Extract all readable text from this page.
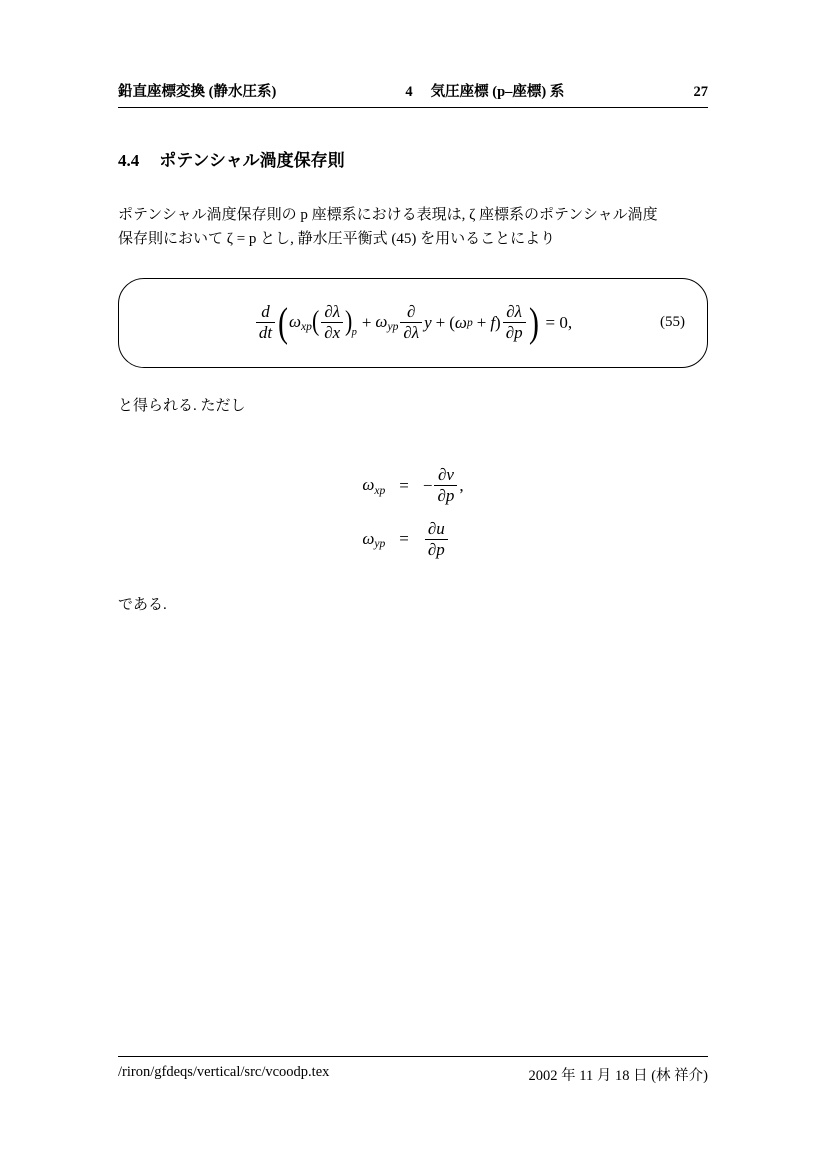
鉛直座標変換 (静水圧系)	4 気圧座標 (p–座標) 系	27
4.4 ポテンシャル渦度保存則
ポテンシャル渦度保存則の p 座標系における表現は, ζ 座標系のポテンシャル渦度
保存則において ζ = p とし, 静水圧平衡式 (45) を用いることにより
$\frac{d}{dt}$ ( ωxp ( $\frac{\partial\lambda}{\partial x}$ ) p
+ ωyp $\frac{\partial}{\partial\lambda}$ y + ( ω p + f ) $\frac{\partial\lambda}{\partial p}$ ) = 0,	(55)
と得られる. ただし
ωxp = − $\frac{\partial v}{\partial p}$ ,
$\omega yp = \frac{\partial u}{\partial p}$
である.
/riron/gfdeqs/vertical/src/vcoodp.tex	2002 年 11 月 18 日 (林 祥介)
